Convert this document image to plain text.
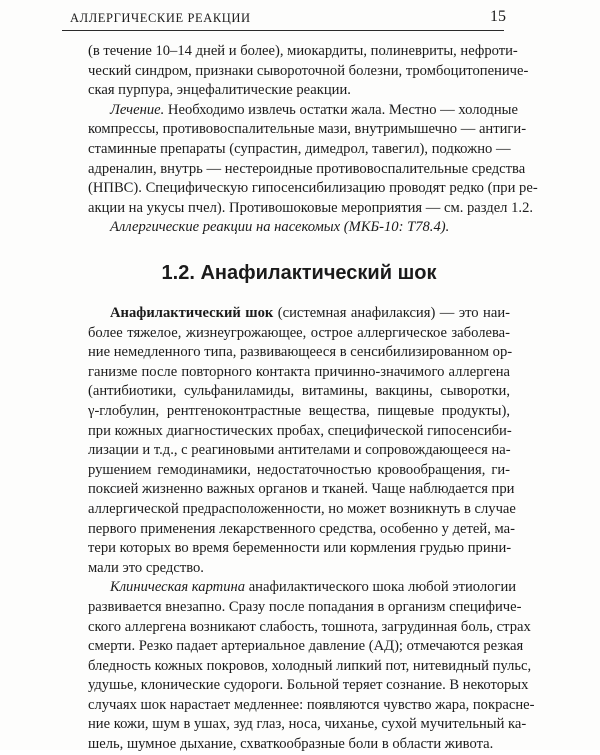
АЛЛЕРГИЧЕСКИЕ РЕАКЦИИ	15
(в течение 10–14 дней и более), миокардиты, полиневриты, нефроти-
ческий синдром, признаки сывороточной болезни, тромбоцитопениче-
ская пурпура, энцефалитические реакции.
Лечение. Необходимо извлечь остатки жала. Местно — холодные
компрессы, противовоспалительные мази, внутримышечно — антиги-
стаминные препараты (супрастин, димедрол, тавегил), подкожно —
адреналин, внутрь — нестероидные противовоспалительные средства
(НПВС). Специфическую гипосенсибилизацию проводят редко (при ре-
акции на укусы пчел). Противошоковые мероприятия — см. раздел 1.2.
Аллергические реакции на насекомых (МКБ-10: Т78.4).
1.2. Анафилактический шок
Анафилактический шок (системная анафилаксия) — это наи-
более тяжелое, жизнеугрожающее, острое аллергическое заболева-
ние немедленного типа, развивающееся в сенсибилизированном ор-
ганизме после повторного контакта причинно-значимого аллергена
(антибиотики, сульфаниламиды, витамины, вакцины, сыворотки,
γ-глобулин, рентгеноконтрастные вещества, пищевые продукты),
при кожных диагностических пробах, специфической гипосенсиби-
лизации и т.д., с реагиновыми антителами и сопровождающееся на-
рушением гемодинамики, недостаточностью кровообращения, ги-
поксией жизненно важных органов и тканей. Чаще наблюдается при
аллергической предрасположенности, но может возникнуть в случае
первого применения лекарственного средства, особенно у детей, ма-
тери которых во время беременности или кормления грудью прини-
мали это средство.
Клиническая картина анафилактического шока любой этиологии
развивается внезапно. Сразу после попадания в организм специфиче-
ского аллергена возникают слабость, тошнота, загрудинная боль, страх
смерти. Резко падает артериальное давление (АД); отмечаются резкая
бледность кожных покровов, холодный липкий пот, нитевидный пульс,
удушье, клонические судороги. Больной теряет сознание. В некоторых
случаях шок нарастает медленнее: появляются чувство жара, покрасне-
ние кожи, шум в ушах, зуд глаз, носа, чиханье, сухой мучительный ка-
шель, шумное дыхание, схваткообразные боли в области живота.
